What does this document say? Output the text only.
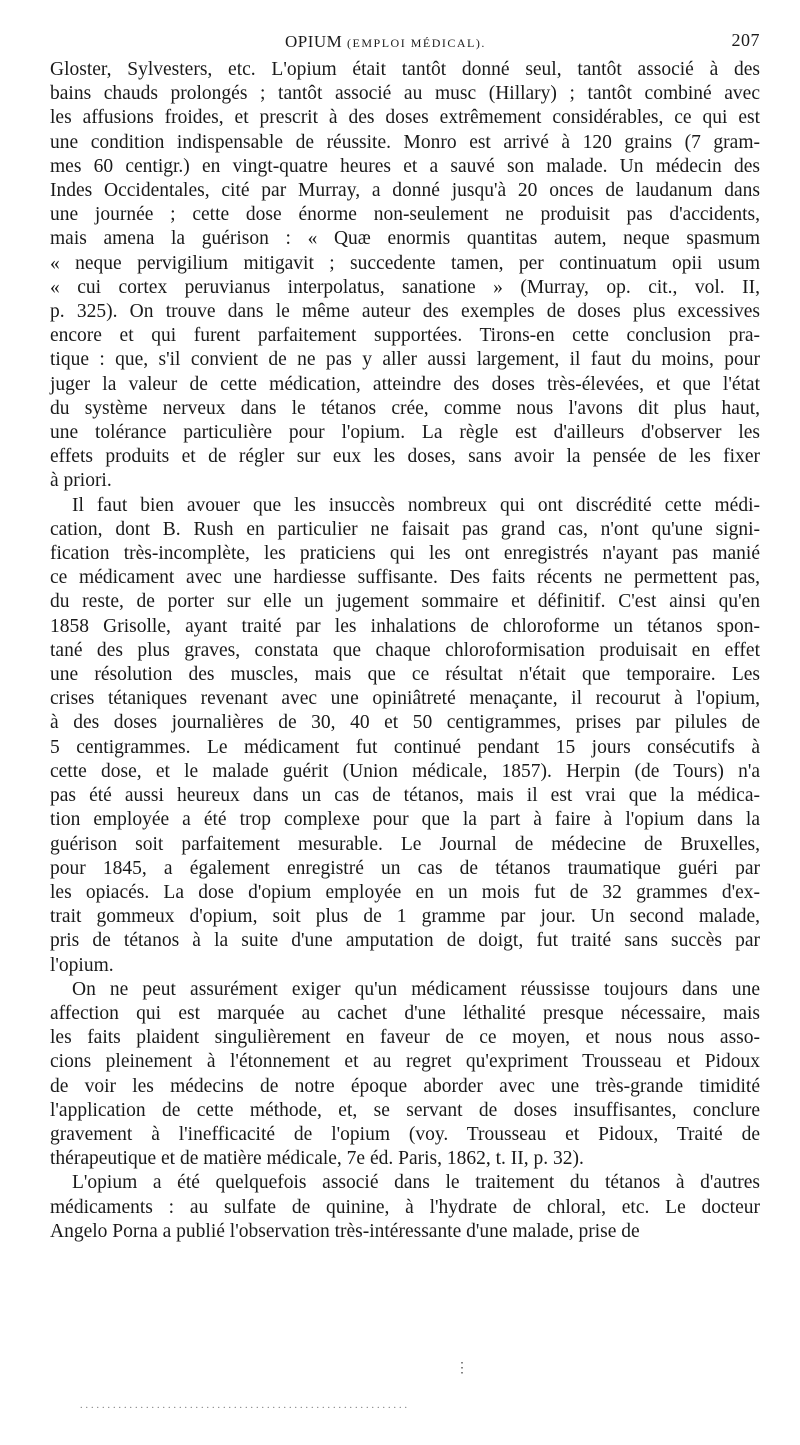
OPIUM (EMPLOI MÉDICAL).	207

Gloster, Sylvesters, etc. L'opium était tantôt donné seul, tantôt associé à des
bains chauds prolongés ; tantôt associé au musc (Hillary) ; tantôt combiné avec
les affusions froides, et prescrit à des doses extrêmement considérables, ce qui est
une condition indispensable de réussite. Monro est arrivé à 120 grains (7 gram-
mes 60 centigr.) en vingt-quatre heures et a sauvé son malade. Un médecin des
Indes Occidentales, cité par Murray, a donné jusqu'à 20 onces de laudanum dans
une journée ; cette dose énorme non-seulement ne produisit pas d'accidents,
mais amena la guérison : « Quæ enormis quantitas autem, neque spasmum
« neque pervigilium mitigavit ; succedente tamen, per continuatum opii usum
« cui cortex peruvianus interpolatus, sanatione » (Murray, op. cit., vol. II,
p. 325). On trouve dans le même auteur des exemples de doses plus excessives
encore et qui furent parfaitement supportées. Tirons-en cette conclusion pra-
tique : que, s'il convient de ne pas y aller aussi largement, il faut du moins, pour
juger la valeur de cette médication, atteindre des doses très-élevées, et que l'état
du système nerveux dans le tétanos crée, comme nous l'avons dit plus haut,
une tolérance particulière pour l'opium. La règle est d'ailleurs d'observer les
effets produits et de régler sur eux les doses, sans avoir la pensée de les fixer
à priori.

Il faut bien avouer que les insuccès nombreux qui ont discrédité cette médi-
cation, dont B. Rush en particulier ne faisait pas grand cas, n'ont qu'une signi-
fication très-incomplète, les praticiens qui les ont enregistrés n'ayant pas manié
ce médicament avec une hardiesse suffisante. Des faits récents ne permettent pas,
du reste, de porter sur elle un jugement sommaire et définitif. C'est ainsi qu'en
1858 Grisolle, ayant traité par les inhalations de chloroforme un tétanos spon-
tané des plus graves, constata que chaque chloroformisation produisait en effet
une résolution des muscles, mais que ce résultat n'était que temporaire. Les
crises tétaniques revenant avec une opiniâtreté menaçante, il recourut à l'opium,
à des doses journalières de 30, 40 et 50 centigrammes, prises par pilules de
5 centigrammes. Le médicament fut continué pendant 15 jours consécutifs à
cette dose, et le malade guérit (Union médicale, 1857). Herpin (de Tours) n'a
pas été aussi heureux dans un cas de tétanos, mais il est vrai que la médica-
tion employée a été trop complexe pour que la part à faire à l'opium dans la
guérison soit parfaitement mesurable. Le Journal de médecine de Bruxelles,
pour 1845, a également enregistré un cas de tétanos traumatique guéri par
les opiacés. La dose d'opium employée en un mois fut de 32 grammes d'ex-
trait gommeux d'opium, soit plus de 1 gramme par jour. Un second malade,
pris de tétanos à la suite d'une amputation de doigt, fut traité sans succès par
l'opium.

On ne peut assurément exiger qu'un médicament réussisse toujours dans une
affection qui est marquée au cachet d'une léthalité presque nécessaire, mais
les faits plaident singulièrement en faveur de ce moyen, et nous nous asso-
cions pleinement à l'étonnement et au regret qu'expriment Trousseau et Pidoux
de voir les médecins de notre époque aborder avec une très-grande timidité
l'application de cette méthode, et, se servant de doses insuffisantes, conclure
gravement à l'inefficacité de l'opium (voy. Trousseau et Pidoux, Traité de
thérapeutique et de matière médicale, 7e éd. Paris, 1862, t. II, p. 32).

L'opium a été quelquefois associé dans le traitement du tétanos à d'autres
médicaments : au sulfate de quinine, à l'hydrate de chloral, etc. Le docteur
Angelo Porna a publié l'observation très-intéressante d'une malade, prise de

⋮
............................................................
